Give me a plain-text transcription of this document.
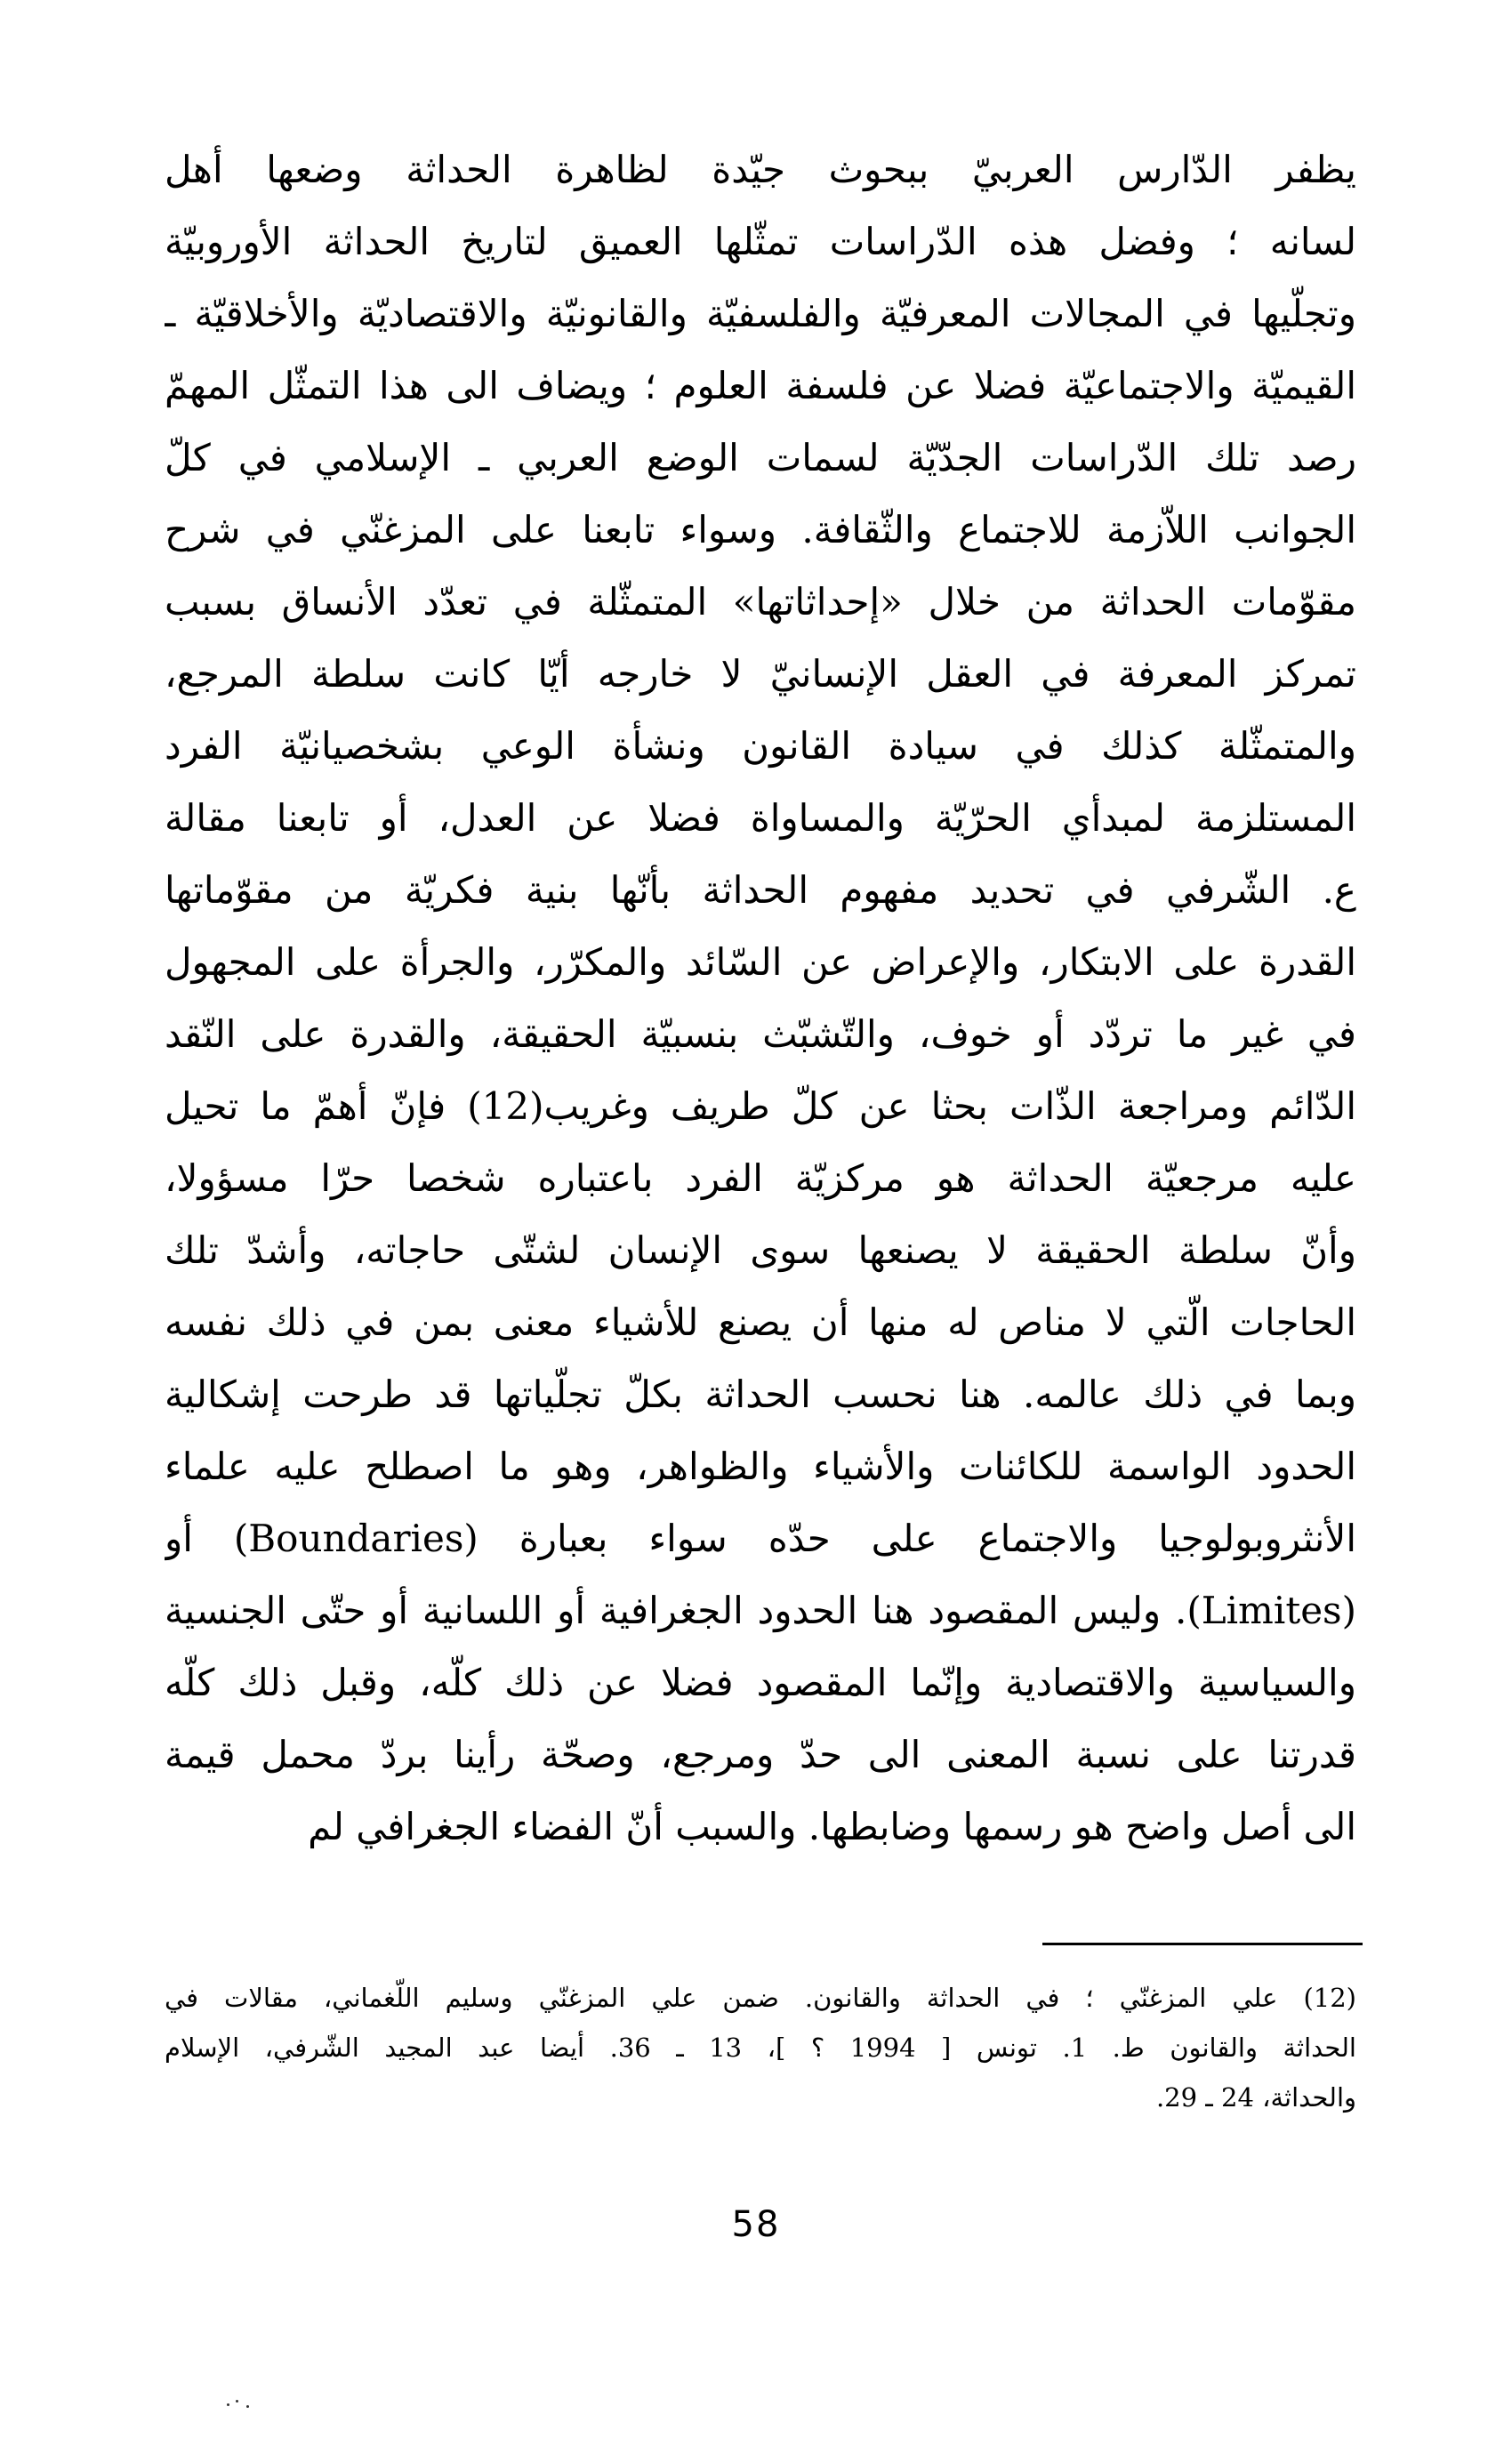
يظفر الدّارس العربيّ ببحوث جيّدة لظاهرة الحداثة وضعها أهل
لسانه ؛ وفضل هذه الدّراسات تمثّلها العميق لتاريخ الحداثة الأوروبيّة
وتجلّيها في المجالات المعرفيّة والفلسفيّة والقانونيّة والاقتصاديّة والأخلاقيّة ـ
القيميّة والاجتماعيّة فضلا عن فلسفة العلوم ؛ ويضاف الى هذا التمثّل المهمّ
رصد تلك الدّراسات الجدّيّة لسمات الوضع العربي ـ الإسلامي في كلّ
الجوانب اللاّزمة للاجتماع والثّقافة. وسواء تابعنا على المزغنّي في شرح
مقوّمات الحداثة من خلال «إحداثاتها» المتمثّلة في تعدّد الأنساق بسبب
تمركز المعرفة في العقل الإنسانيّ لا خارجه أيّا كانت سلطة المرجع،
والمتمثّلة كذلك في سيادة القانون ونشأة الوعي بشخصيانيّة الفرد
المستلزمة لمبدأي الحرّيّة والمساواة فضلا عن العدل، أو تابعنا مقالة
ع. الشّرفي في تحديد مفهوم الحداثة بأنّها بنية فكريّة من مقوّماتها
القدرة على الابتكار، والإعراض عن السّائد والمكرّر، والجرأة على المجهول
في غير ما تردّد أو خوف، والتّشبّث بنسبيّة الحقيقة، والقدرة على النّقد
الدّائم ومراجعة الذّات بحثا عن كلّ طريف وغريب(12) فإنّ أهمّ ما تحيل
عليه مرجعيّة الحداثة هو مركزيّة الفرد باعتباره شخصا حرّا مسؤولا،
وأنّ سلطة الحقيقة لا يصنعها سوى الإنسان لشتّى حاجاته، وأشدّ تلك
الحاجات الّتي لا مناص له منها أن يصنع للأشياء معنى بمن في ذلك نفسه
وبما في ذلك عالمه. هنا نحسب الحداثة بكلّ تجلّياتها قد طرحت إشكالية
الحدود الواسمة للكائنات والأشياء والظواهر، وهو ما اصطلح عليه علماء
الأنثروبولوجيا والاجتماع على حدّه سواء بعبارة (Boundaries) أو
(Limites). وليس المقصود هنا الحدود الجغرافية أو اللسانية أو حتّى الجنسية
والسياسية والاقتصادية وإنّما المقصود فضلا عن ذلك كلّه، وقبل ذلك كلّه
قدرتنا على نسبة المعنى الى حدّ ومرجع، وصحّة رأينا بردّ محمل قيمة
الى أصل واضح هو رسمها وضابطها. والسبب أنّ الفضاء الجغرافي لم
(12) علي المزغنّي ؛ في الحداثة والقانون. ضمن علي المزغنّي وسليم اللّغماني، مقالات في
الحداثة والقانون ط. 1. تونس [ 1994 ؟ ]، 13 ـ 36. أيضا عبد المجيد الشّرفي، الإسلام
والحداثة، 24 ـ 29.
58
